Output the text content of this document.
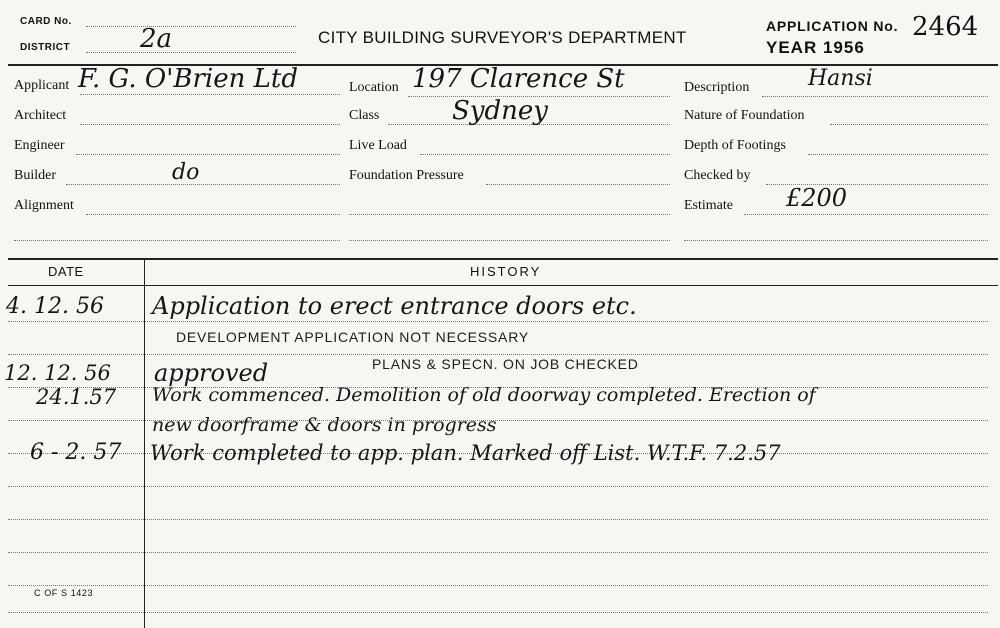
CARD No.
DISTRICT	2a	CITY BUILDING SURVEYOR'S DEPARTMENT
APPLICATION No. 2464
YEAR 1956
Applicant F. G. O'Brien Ltd
Architect
Engineer
Builder	do
Alignment
Location 197 Clarence St
Class	Sydney
Live Load
Foundation Pressure
Description	Hansi
Nature of Foundation
Depth of Footings
Checked by
Estimate £200
DATE	HISTORY
4. 12. 56 Application to erect entrance doors etc.
DEVELOPMENT APPLICATION NOT NECESSARY
12. 12. 56 approved	PLANS & SPECN. ON JOB CHECKED
24.1.57 Work commenced. Demolition of old doorway completed. Erection of
new doorframe & doors in progress
6 - 2. 57 Work completed to app. plan. Marked off List. W.T.F. 7.2.57
C OF S 1423
